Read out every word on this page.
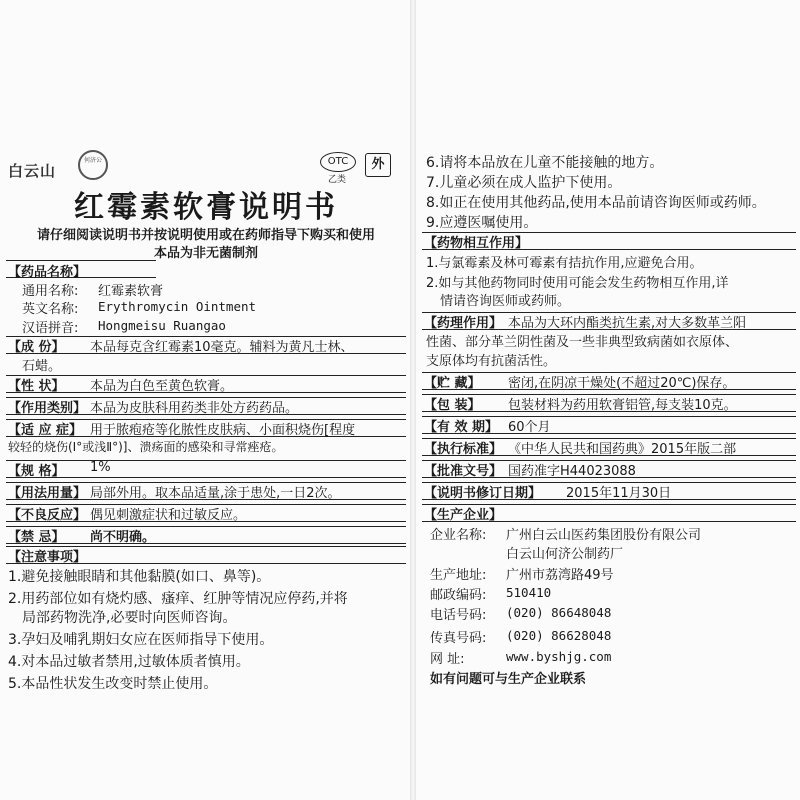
白云山
何济公	OTC
乙类
外
红霉素软膏说明书
请仔细阅读说明书并按说明使用或在药师指导下购买和使用
本品为非无菌制剂
【药品名称】
通用名称: 红霉素软膏
英文名称: Erythromycin Ointment
汉语拼音: Hongmeisu Ruangao
【成 份】 本品每克含红霉素10毫克。辅料为黄凡士林、
石蜡。
【性 状】 本品为白色至黄色软膏。
【作用类别】 本品为皮肤科用药类非处方药药品。
【适 应 症】 用于脓疱疮等化脓性皮肤病、小面积烧伤[程度
较轻的烧伤(Ⅰ°或浅Ⅱ°)]、溃疡面的感染和寻常痤疮。
【规 格】 1%
【用法用量】 局部外用。取本品适量,涂于患处,一日2次。
【不良反应】 偶见刺激症状和过敏反应。
【禁 忌】 尚不明确。
【注意事项】
1.避免接触眼睛和其他黏膜(如口、鼻等)。
2.用药部位如有烧灼感、瘙痒、红肿等情况应停药,并将
局部药物洗净,必要时向医师咨询。
3.孕妇及哺乳期妇女应在医师指导下使用。
4.对本品过敏者禁用,过敏体质者慎用。
5.本品性状发生改变时禁止使用。
6.请将本品放在儿童不能接触的地方。
7.儿童必须在成人监护下使用。
8.如正在使用其他药品,使用本品前请咨询医师或药师。
9.应遵医嘱使用。
【药物相互作用】
1.与氯霉素及林可霉素有拮抗作用,应避免合用。
2.如与其他药物同时使用可能会发生药物相互作用,详
情请咨询医师或药师。
【药理作用】 本品为大环内酯类抗生素,对大多数革兰阳
性菌、部分革兰阴性菌及一些非典型致病菌如衣原体、
支原体均有抗菌活性。
【贮 藏】 密闭,在阴凉干燥处(不超过20℃)保存。
【包 装】 包装材料为药用软膏铝管,每支装10克。
【有 效 期】 60个月
【执行标准】 《中华人民共和国药典》2015年版二部
【批准文号】 国药准字H44023088
【说明书修订日期】 2015年11月30日
【生产企业】
企业名称: 广州白云山医药集团股份有限公司
白云山何济公制药厂
生产地址: 广州市荔湾路49号
邮政编码: 510410
电话号码: (020) 86648048
传真号码: (020) 86628048
网 址:	www.byshjg.com
如有问题可与生产企业联系
